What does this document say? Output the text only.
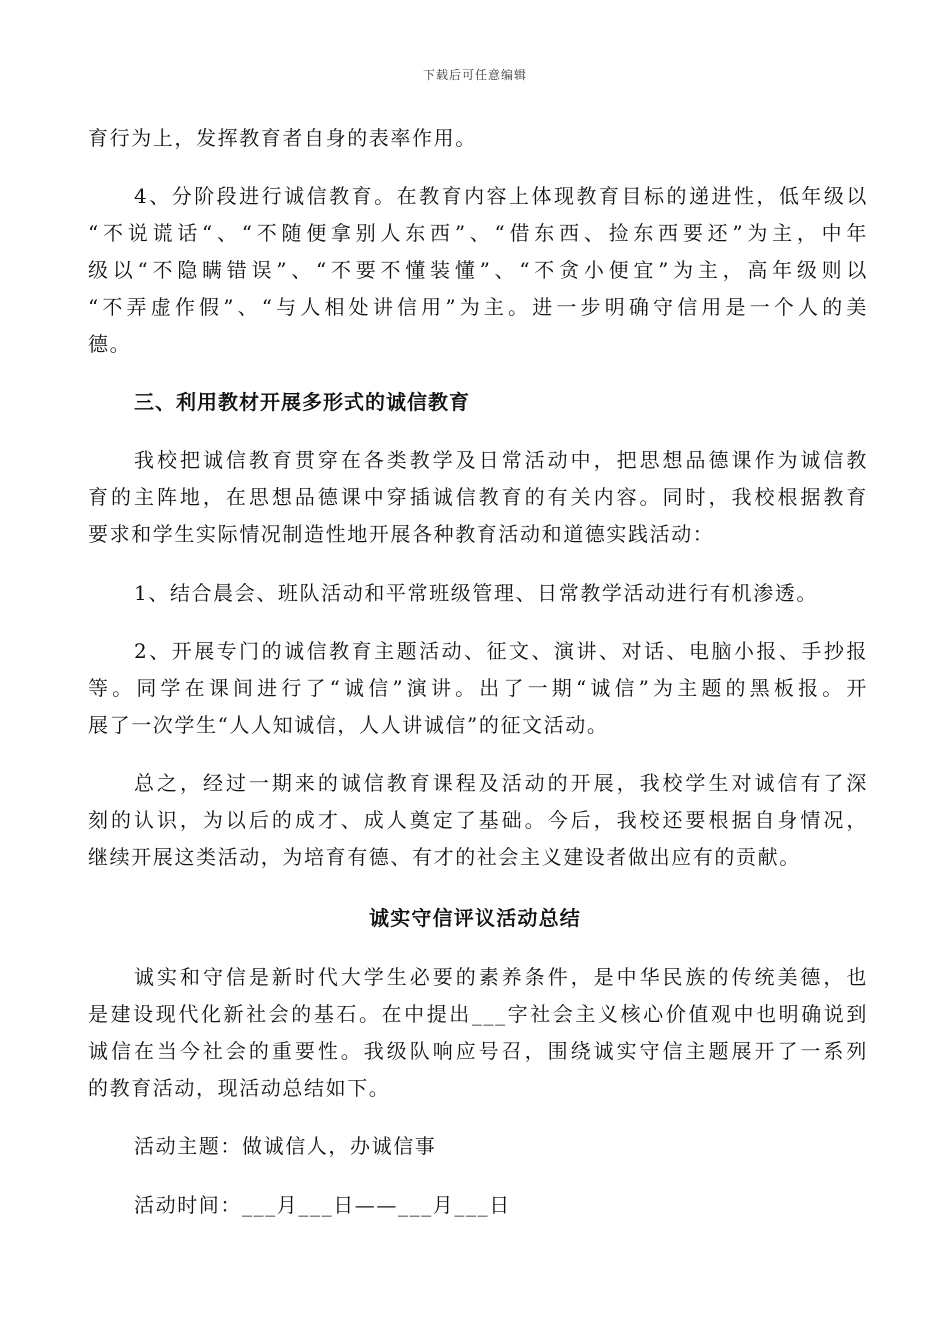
下载后可任意编辑
育行为上，发挥教育者自身的表率作用。
4、分阶段进行诚信教育。在教育内容上体现教育目标的递进性，低年级以
“不说谎话“、“不随便拿别人东西”、“借东西、捡东西要还”为主，中年
级以“不隐瞒错误”、“不要不懂装懂”、“不贪小便宜”为主，高年级则以
“不弄虚作假”、“与人相处讲信用”为主。进一步明确守信用是一个人的美
德。
三、利用教材开展多形式的诚信教育
我校把诚信教育贯穿在各类教学及日常活动中，把思想品德课作为诚信教
育的主阵地，在思想品德课中穿插诚信教育的有关内容。同时，我校根据教育
要求和学生实际情况制造性地开展各种教育活动和道德实践活动：
1、结合晨会、班队活动和平常班级管理、日常教学活动进行有机渗透。
2、开展专门的诚信教育主题活动、征文、演讲、对话、电脑小报、手抄报
等。同学在课间进行了“诚信”演讲。出了一期“诚信”为主题的黑板报。开
展了一次学生“人人知诚信，人人讲诚信”的征文活动。
总之，经过一期来的诚信教育课程及活动的开展，我校学生对诚信有了深
刻的认识，为以后的成才、成人奠定了基础。今后，我校还要根据自身情况，
继续开展这类活动，为培育有德、有才的社会主义建设者做出应有的贡献。
诚实守信评议活动总结
诚实和守信是新时代大学生必要的素养条件，是中华民族的传统美德，也
是建设现代化新社会的基石。在中提出___字社会主义核心价值观中也明确说到
诚信在当今社会的重要性。我级队响应号召，围绕诚实守信主题展开了一系列
的教育活动，现活动总结如下。
活动主题：做诚信人，办诚信事
活动时间：___月___日——___月___日
